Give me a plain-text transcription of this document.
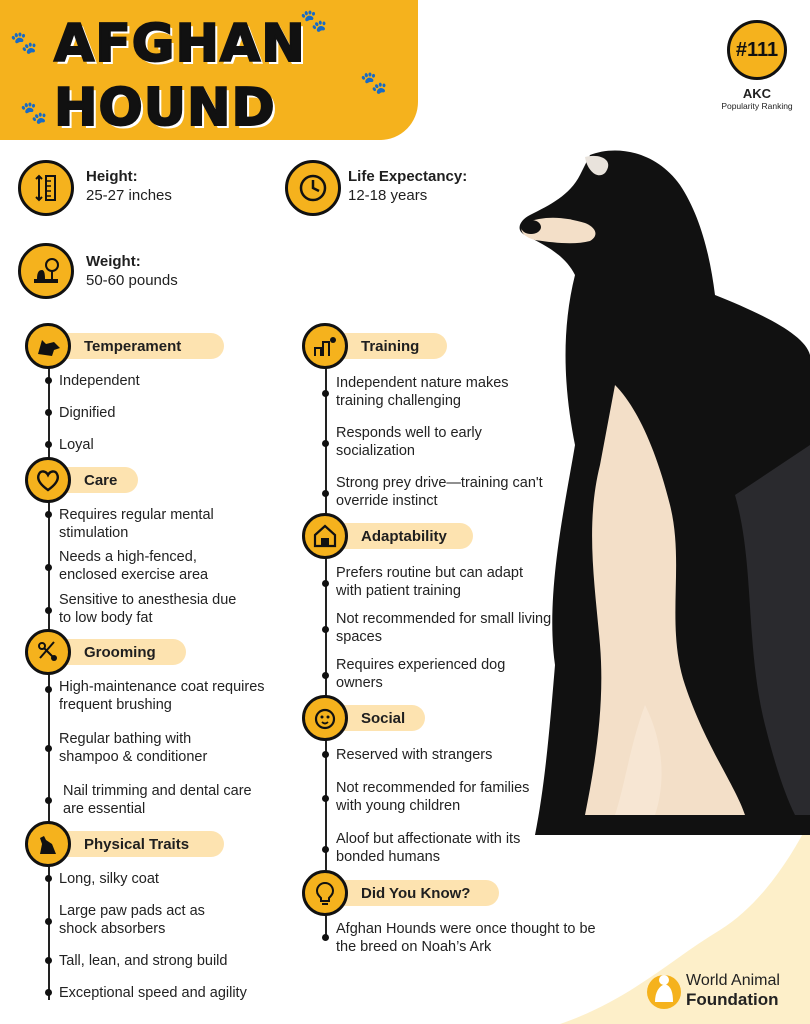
🐾
🐾
🐾
🐾
AFGHAN
HOUND
#111
AKC
Popularity Ranking
Height:
25-27 inches
Life Expectancy:
12-18 years
Weight:
50-60 pounds
Temperament
Independent
Dignified
Loyal
Care
Requires regular mental stimulation
Needs a high-fenced, enclosed exercise area
Sensitive to anesthesia due to low body fat
Grooming
High-maintenance coat requires frequent brushing
Regular bathing with shampoo & conditioner
Nail trimming and dental care are essential
Physical Traits
Long, silky coat
Large paw pads act as shock absorbers
Tall, lean, and strong build
Exceptional speed and agility
Training
Independent nature makes training challenging
Responds well to early socialization
Strong prey drive—training can't override instinct
Adaptability
Prefers routine but can adapt with patient training
Not recommended for small living spaces
Requires experienced dog owners
Social
Reserved with strangers
Not recommended for families with young children
Aloof but affectionate with its bonded humans
Did You Know?
Afghan Hounds were once thought to be the breed on Noah’s Ark
World Animal
Foundation
